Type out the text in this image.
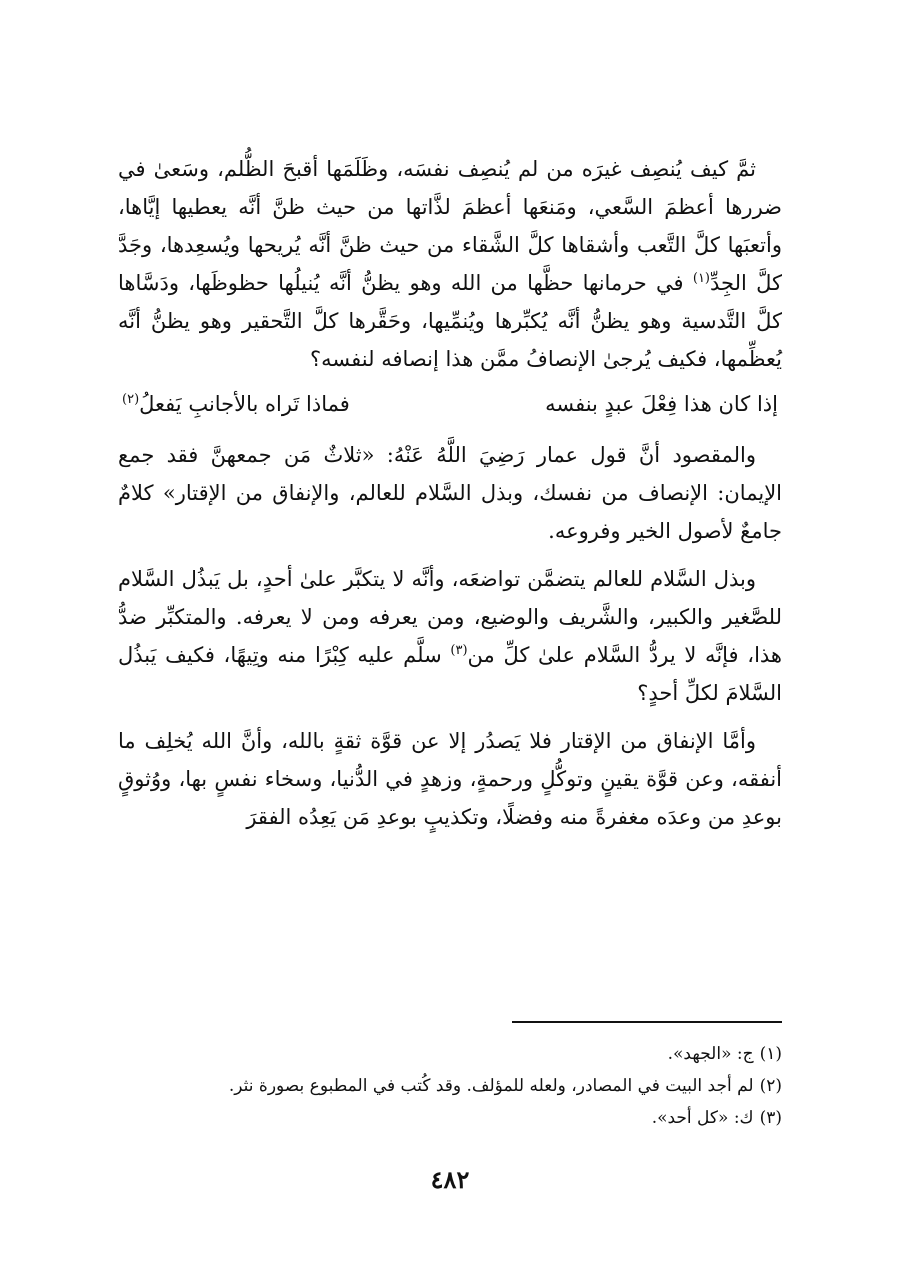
ثمَّ كيف يُنصِف غيرَه من لم يُنصِف نفسَه، وظَلَمَها أقبحَ الظُّلم، وسَعىٰ في ضررها أعظمَ السَّعي، ومَنعَها أعظمَ لذَّاتها من حيث ظنَّ أنَّه يعطيها إيَّاها، وأتعبَها كلَّ التَّعب وأشقاها كلَّ الشَّقاء من حيث ظنَّ أنَّه يُريحها ويُسعِدها، وجَدَّ كلَّ الجِدِّ$^{(١)}$ في حرمانها حظَّها من الله وهو يظنُّ أنَّه يُنيلُها حظوظَها، ودَسَّاها كلَّ التَّدسية وهو يظنُّ أنَّه يُكبِّرها ويُنمِّيها، وحَقَّرها كلَّ التَّحقير وهو يظنُّ أنَّه يُعظِّمها، فكيف يُرجىٰ الإنصافُ ممَّن هذا إنصافه لنفسه؟

إذا كان هذا فِعْلَ عبدٍ بنفسه
فماذا تَراه بالأجانبِ يَفعلُ$^{(٢)}$

والمقصود أنَّ قول عمار رَضِيَ اللَّهُ عَنْهُ: «ثلاثٌ مَن جمعهنَّ فقد جمع الإيمان: الإنصاف من نفسك، وبذل السَّلام للعالم، والإنفاق من الإقتار» كلامٌ جامعٌ لأصول الخير وفروعه.

وبذل السَّلام للعالم يتضمَّن تواضعَه، وأنَّه لا يتكبَّر علىٰ أحدٍ، بل يَبذُل السَّلام للصَّغير والكبير، والشَّريف والوضيع، ومن يعرفه ومن لا يعرفه. والمتكبِّر ضدُّ هذا، فإنَّه لا يردُّ السَّلام علىٰ كلِّ من$^{(٣)}$ سلَّم عليه كِبْرًا منه وتِيهًا، فكيف يَبذُل السَّلامَ لكلِّ أحدٍ؟

وأمَّا الإنفاق من الإقتار فلا يَصدُر إلا عن قوَّة ثقةٍ بالله، وأنَّ الله يُخلِف ما أنفقه، وعن قوَّة يقينٍ وتوكُّلٍ ورحمةٍ، وزهدٍ في الدُّنيا، وسخاء نفسٍ بها، ووُثوقٍ بوعدِ من وعدَه مغفرةً منه وفضلًا، وتكذيبٍ بوعدِ مَن يَعِدُه الفقرَ

(١)ج: «الجهد».

(٢)لم أجد البيت في المصادر، ولعله للمؤلف. وقد كُتب في المطبوع بصورة نثر.

(٣)ك: «كل أحد».

٤٨٢
